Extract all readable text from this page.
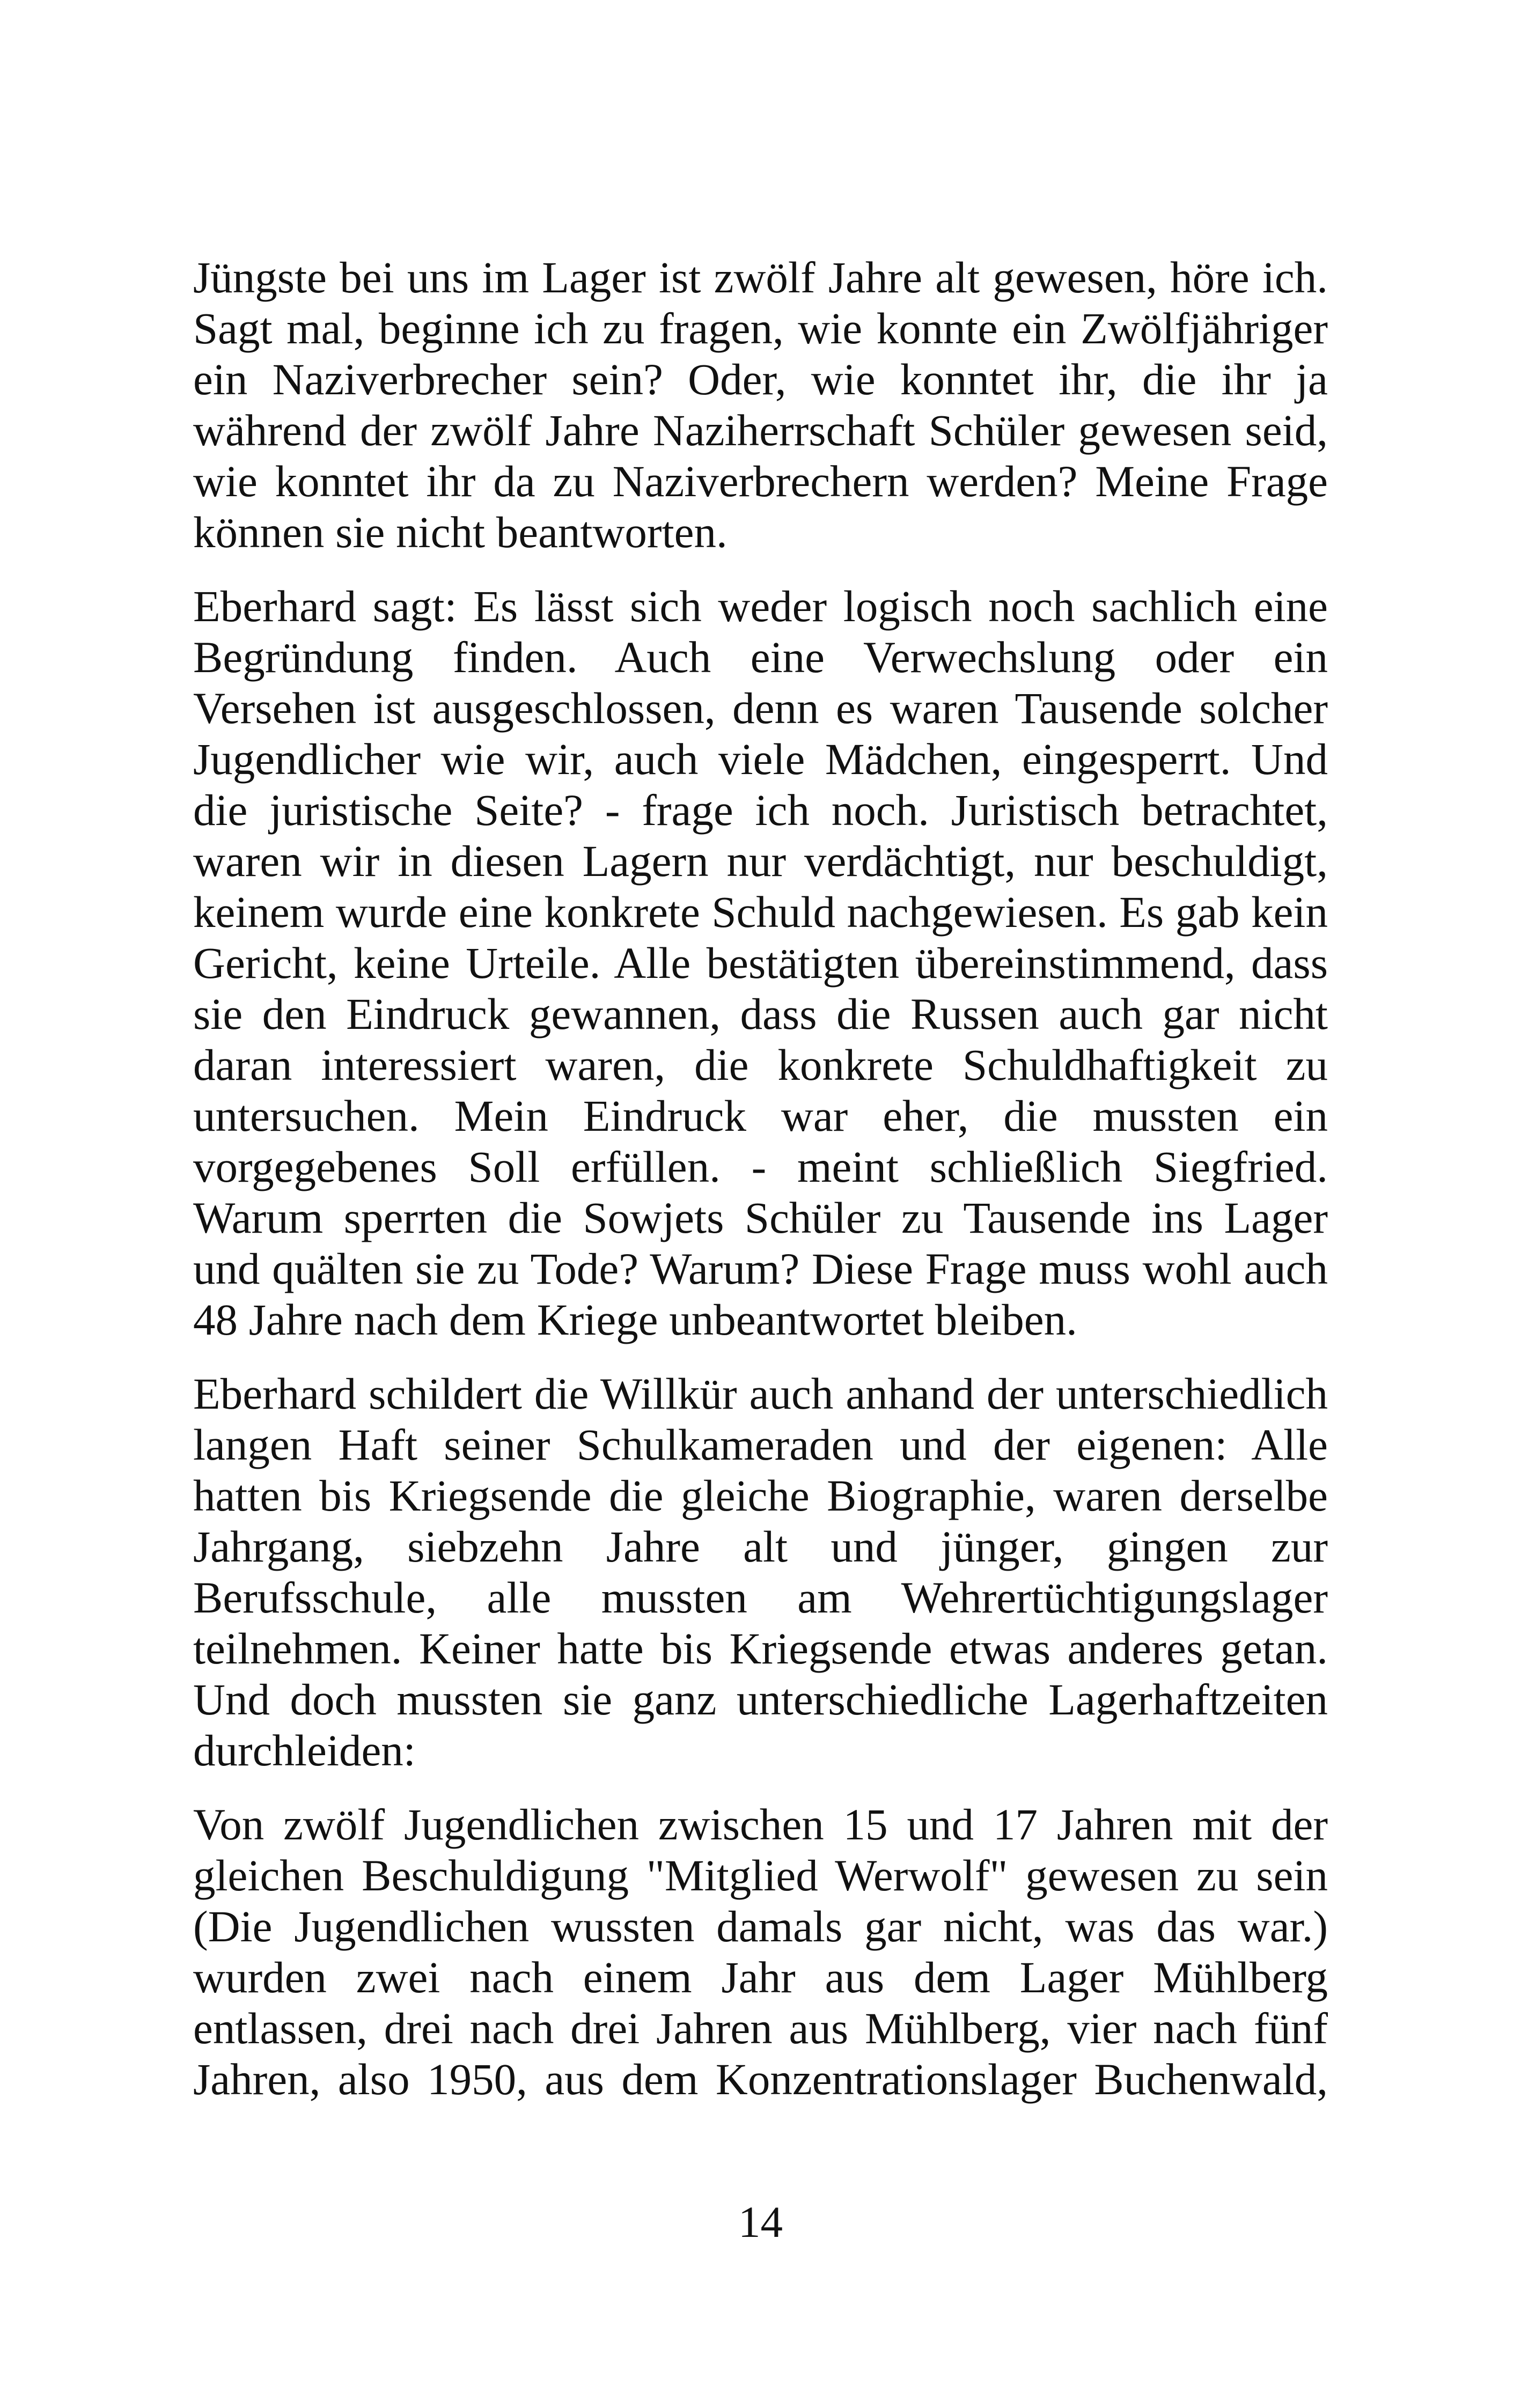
Jüngste bei uns im Lager ist zwölf Jahre alt gewesen, höre ich.
Sagt mal, beginne ich zu fragen, wie konnte ein Zwölfjähriger
ein Naziverbrecher sein? Oder, wie konntet ihr, die ihr ja
während der zwölf Jahre Naziherrschaft Schüler gewesen seid,
wie konntet ihr da zu Naziverbrechern werden? Meine Frage
können sie nicht beantworten.
Eberhard sagt: Es lässt sich weder logisch noch sachlich eine
Begründung finden. Auch eine Verwechslung oder ein
Versehen ist ausgeschlossen, denn es waren Tausende solcher
Jugendlicher wie wir, auch viele Mädchen, eingesperrt. Und
die juristische Seite? - frage ich noch. Juristisch betrachtet,
waren wir in diesen Lagern nur verdächtigt, nur beschuldigt,
keinem wurde eine konkrete Schuld nachgewiesen. Es gab kein
Gericht, keine Urteile. Alle bestätigten übereinstimmend, dass
sie den Eindruck gewannen, dass die Russen auch gar nicht
daran interessiert waren, die konkrete Schuldhaftigkeit zu
untersuchen. Mein Eindruck war eher, die mussten ein
vorgegebenes Soll erfüllen. - meint schließlich Siegfried.
Warum sperrten die Sowjets Schüler zu Tausende ins Lager
und quälten sie zu Tode? Warum? Diese Frage muss wohl auch
48 Jahre nach dem Kriege unbeantwortet bleiben.
Eberhard schildert die Willkür auch anhand der unterschiedlich
langen Haft seiner Schulkameraden und der eigenen: Alle
hatten bis Kriegsende die gleiche Biographie, waren derselbe
Jahrgang, siebzehn Jahre alt und jünger, gingen zur
Berufsschule, alle mussten am Wehrertüchtigungslager
teilnehmen. Keiner hatte bis Kriegsende etwas anderes getan.
Und doch mussten sie ganz unterschiedliche Lagerhaftzeiten
durchleiden:
Von zwölf Jugendlichen zwischen 15 und 17 Jahren mit der
gleichen Beschuldigung "Mitglied Werwolf" gewesen zu sein
(Die Jugendlichen wussten damals gar nicht, was das war.)
wurden zwei nach einem Jahr aus dem Lager Mühlberg
entlassen, drei nach drei Jahren aus Mühlberg, vier nach fünf
Jahren, also 1950, aus dem Konzentrationslager Buchenwald,
14
